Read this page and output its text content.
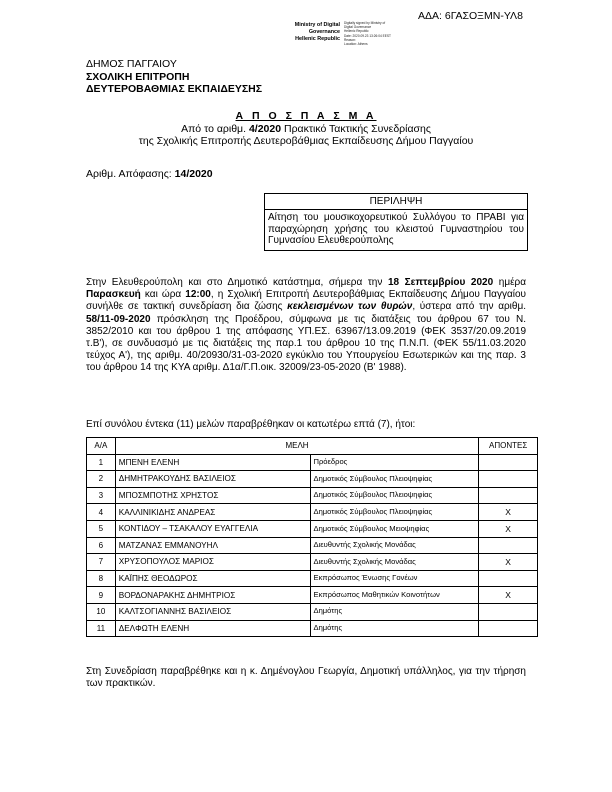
ΑΔΑ: 6ΓΑΣΟΞΜΝ-ΥΛ8
Ministry of Digital
Governance
Hellenic Republic
Digitally signed by Ministry of
Digital Governance
Hellenic Republic
Date: 2020.09.23 13:26:04 EEST
Reason:
Location: Athens
ΔΗΜΟΣ ΠΑΓΓΑΙΟΥ
ΣΧΟΛΙΚΗ ΕΠΙΤΡΟΠΗ
ΔΕΥΤΕΡΟΒΑΘΜΙΑΣ ΕΚΠΑΙΔΕΥΣΗΣ
Α Π Ο Σ Π Α Σ Μ Α
Από το αριθμ. 4/2020 Πρακτικό Τακτικής Συνεδρίασης
της Σχολικής Επιτροπής Δευτεροβάθμιας Εκπαίδευσης Δήμου Παγγαίου
Αριθμ. Απόφασης: 14/2020
ΠΕΡΙΛΗΨΗ
Αίτηση του μουσικοχορευτικού Συλλόγου το ΠΡΑΒΙ για παραχώρηση χρήσης του κλειστού Γυμναστηρίου του Γυμνασίου Ελευθερούπολης
Στην Ελευθερούπολη και στο Δημοτικό κατάστημα, σήμερα την 18 Σεπτεμβρίου 2020 ημέρα Παρασκευή και ώρα 12:00, η Σχολική Επιτροπή Δευτεροβάθμιας Εκπαίδευσης Δήμου Παγγαίου συνήλθε σε τακτική συνεδρίαση δια ζώσης κεκλεισμένων των θυρών, ύστερα από την αριθμ. 58/11-09-2020 πρόσκληση της Προέδρου, σύμφωνα με τις διατάξεις του άρθρου 67 του Ν. 3852/2010 και του άρθρου 1 της απόφασης ΥΠ.ΕΣ. 63967/13.09.2019 (ΦΕΚ 3537/20.09.2019 τ.Β'), σε συνδυασμό με τις διατάξεις της παρ.1 του άρθρου 10 της Π.Ν.Π. (ΦΕΚ 55/11.03.2020 τεύχος Α'), της αριθμ. 40/20930/31-03-2020 εγκύκλιο του Υπουργείου Εσωτερικών και της παρ. 3 του άρθρου 14 της ΚΥΑ αριθμ. Δ1α/Γ.Π.οικ. 32009/23-05-2020 (Β' 1988).
Επί συνόλου έντεκα (11) μελών παραβρέθηκαν οι κατωτέρω επτά (7), ήτοι:
Α/Α	ΜΕΛΗ		ΑΠΟΝΤΕΣ
1	ΜΠΕΝΗ ΕΛΕΝΗ	Πρόεδρος	
2	ΔΗΜΗΤΡΑΚΟΥΔΗΣ ΒΑΣΙΛΕΙΟΣ	Δημοτικός Σύμβουλος Πλειοψηφίας	
3	ΜΠΟΣΜΠΟΤΗΣ ΧΡΗΣΤΟΣ	Δημοτικός Σύμβουλος Πλειοψηφίας	
4	ΚΑΛΛΙΝΙΚΙΔΗΣ ΑΝΔΡΕΑΣ	Δημοτικός Σύμβουλος Πλειοψηφίας	X
5	ΚΟΝΤΙΔΟΥ – ΤΣΑΚΑΛΟΥ ΕΥΑΓΓΕΛΙΑ	Δημοτικός Σύμβουλος Μειοψηφίας	X
6	ΜΑΤΖΑΝΑΣ ΕΜΜΑΝΟΥΗΛ	Διευθυντής Σχολικής Μονάδας	
7	ΧΡΥΣΟΠΟΥΛΟΣ ΜΑΡΙΟΣ	Διευθυντής Σχολικής Μονάδας	X
8	ΚΑΪΠΗΣ ΘΕΟΔΩΡΟΣ	Εκπρόσωπος Ένωσης Γονέων	
9	ΒΟΡΔΟΝΑΡΑΚΗΣ ΔΗΜΗΤΡΙΟΣ	Εκπρόσωπος Μαθητικών Κοινοτήτων	X
10	ΚΑΛΤΣΟΓΙΑΝΝΗΣ ΒΑΣΙΛΕΙΟΣ	Δημότης	
11	ΔΕΛΦΩΤΗ ΕΛΕΝΗ	Δημότης	
Στη Συνεδρίαση παραβρέθηκε και η κ. Δημένογλου Γεωργία, Δημοτική υπάλληλος, για την τήρηση των πρακτικών.
